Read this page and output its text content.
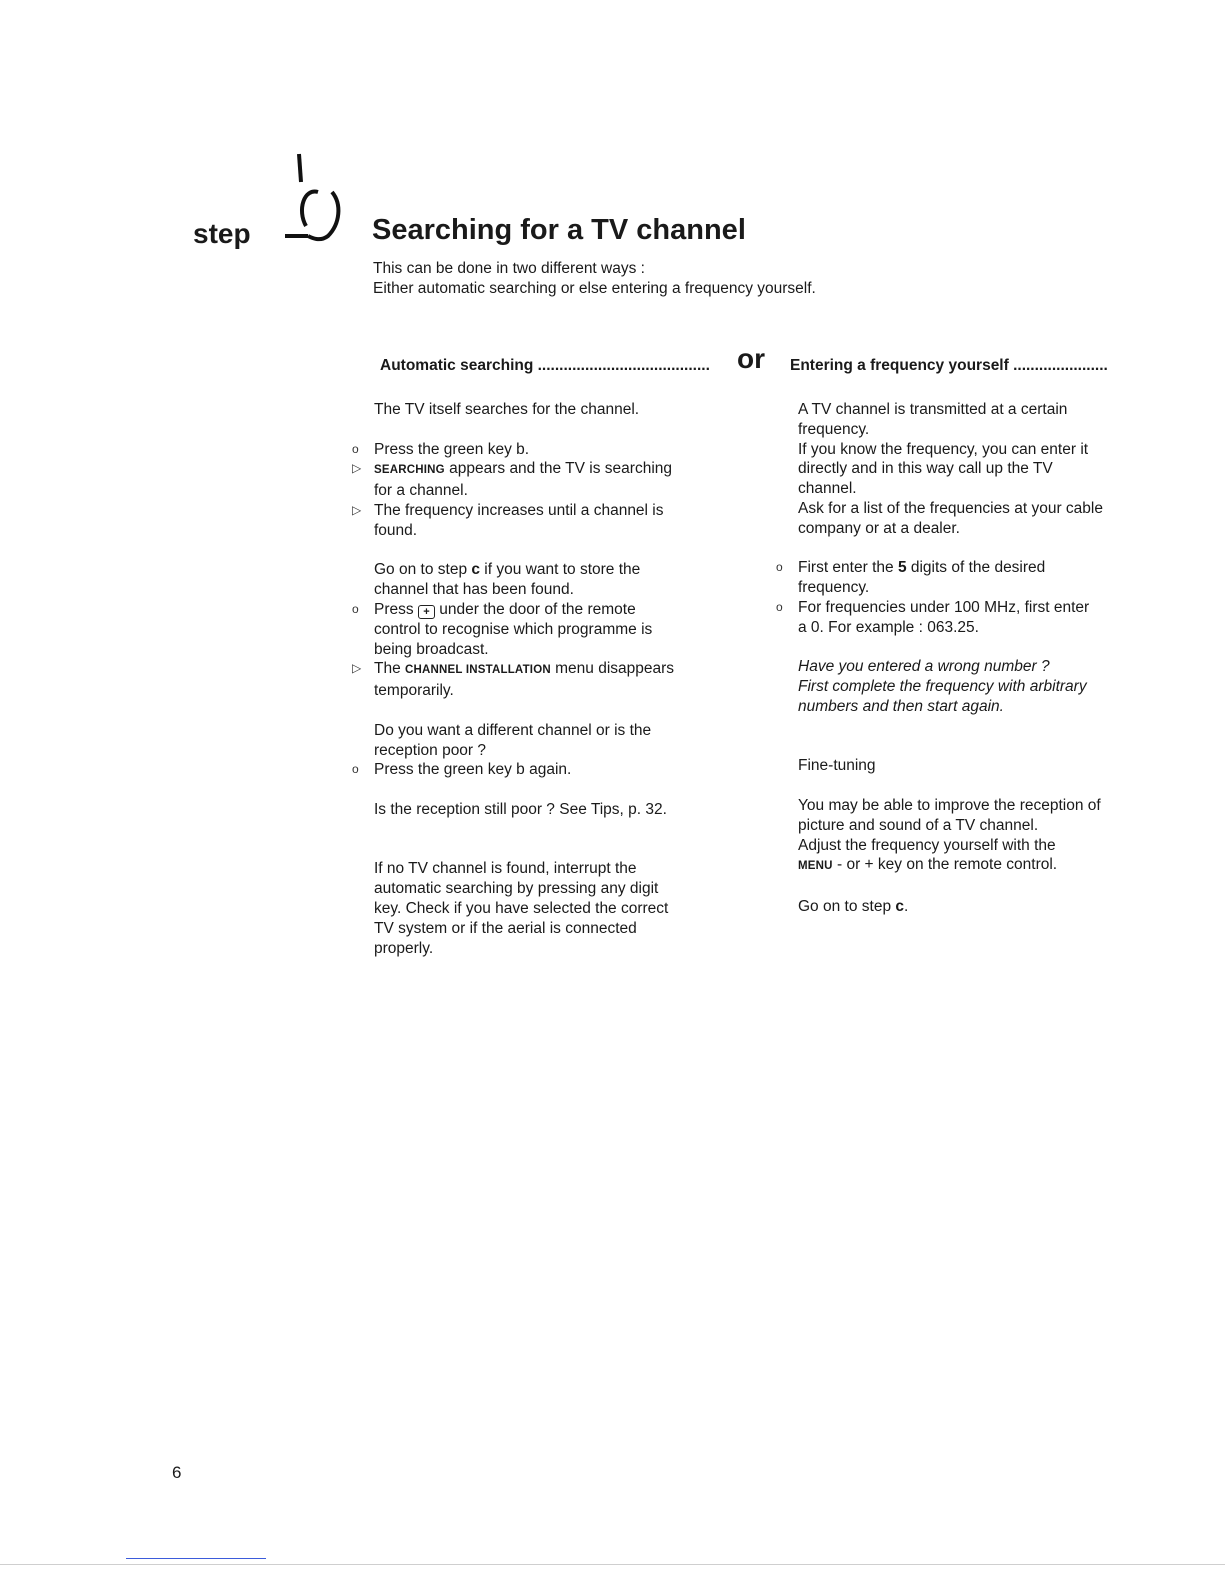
step	Searching for a TV channel
This can be done in two different ways :
Either automatic searching or else entering a frequency yourself.
Automatic searching ........................................ or Entering a frequency yourself ......................

The TV itself searches for the channel.

o Press the green key b.

▷	SEARCHING appears and the TV is searching

for a channel.

▷ The frequency increases until a channel is

found.

Go on to step c if you want to store the

channel that has been found.

o Press + under the door of the remote

control to recognise which programme is

being broadcast.

▷ The CHANNEL INSTALLATION menu disappears

temporarily.

Do you want a different channel or is the

reception poor ?

o Press the green key b again.

Is the reception still poor ? See Tips, p. 32.

If no TV channel is found, interrupt the

automatic searching by pressing any digit

key. Check if you have selected the correct

TV system or if the aerial is connected

properly.

A TV channel is transmitted at a certain

frequency.

If you know the frequency, you can enter it

directly and in this way call up the TV

channel.

Ask for a list of the frequencies at your cable

company or at a dealer.

o First enter the 5 digits of the desired

frequency.

o For frequencies under 100 MHz, first enter

a 0. For example : 063.25.

Have you entered a wrong number ?

First complete the frequency with arbitrary

numbers and then start again.

Fine-tuning

You may be able to improve the reception of

picture and sound of a TV channel.

Adjust the frequency yourself with the

MENU - or + key on the remote control.

Go on to step c.

6
